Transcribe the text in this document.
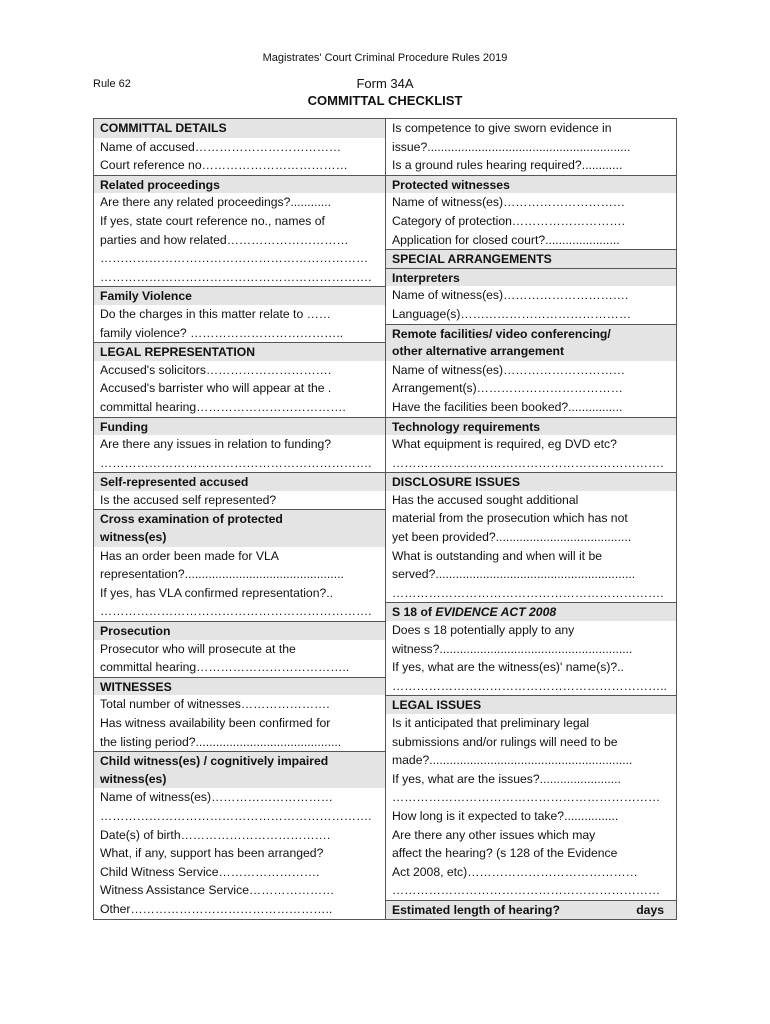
Magistrates' Court Criminal Procedure Rules 2019
Rule 62	Form 34A
COMMITTAL CHECKLIST
COMMITTAL DETAILS
Name of accused………………………………
Court reference no………………………………
Related proceedings
Are there any related proceedings?............
If yes, state court reference no., names of
parties and how related…………………………
…………………………………………………………
………………………………………………………….
Family Violence
Do the charges in this matter relate to ……
family violence? ………………………………..
LEGAL REPRESENTATION
Accused's solicitors………………………….
Accused's barrister who will appear at the .
committal hearing……………………………….
Funding
Are there any issues in relation to funding?
………………………………………………………….
Self-represented accused
Is the accused self represented?
Cross examination of protected
witness(es)
Has an order been made for VLA
representation?...............................................
If yes, has VLA confirmed representation?..
………………………………………………………….
Prosecution
Prosecutor who will prosecute at the
committal hearing………………………………..
WITNESSES
Total number of witnesses………………….
Has witness availability been confirmed for
the listing period?...........................................
Child witness(es) / cognitively impaired
witness(es)
Name of witness(es)…………………………
………………………………………………………….
Date(s) of birth……………………………….
What, if any, support has been arranged?
Child Witness Service…………………….
Witness Assistance Service…………………
Other…………………………………………..
Is competence to give sworn evidence in
issue?............................................................
Is a ground rules hearing required?............
Protected witnesses
Name of witness(es)…………………………
Category of protection……………………….
Application for closed court?......................
SPECIAL ARRANGEMENTS
Interpreters
Name of witness(es)………………………….
Language(s)……………………………………
Remote facilities/ video conferencing/
other alternative arrangement
Name of witness(es)…………………………
Arrangement(s)………………………………
Have the facilities been booked?................
Technology requirements
What equipment is required, eg DVD etc?
………………………………………………………….
DISCLOSURE ISSUES
Has the accused sought additional
material from the prosecution which has not
yet been provided?........................................
What is outstanding and when will it be
served?...........................................................
………………………………………………………….
S 18 of EVIDENCE ACT 2008
Does s 18 potentially apply to any
witness?.........................................................
If yes, what are the witness(es)' name(s)?..
…………………………………………………………..
LEGAL ISSUES
Is it anticipated that preliminary legal
submissions and/or rulings will need to be
made?............................................................
If yes, what are the issues?........................
…………………………………………………………
How long is it expected to take?................
Are there any other issues which may
affect the hearing? (s 128 of the Evidence
Act 2008, etc)……………………………………
…………………………………………………………
Estimated length of hearing?	days
